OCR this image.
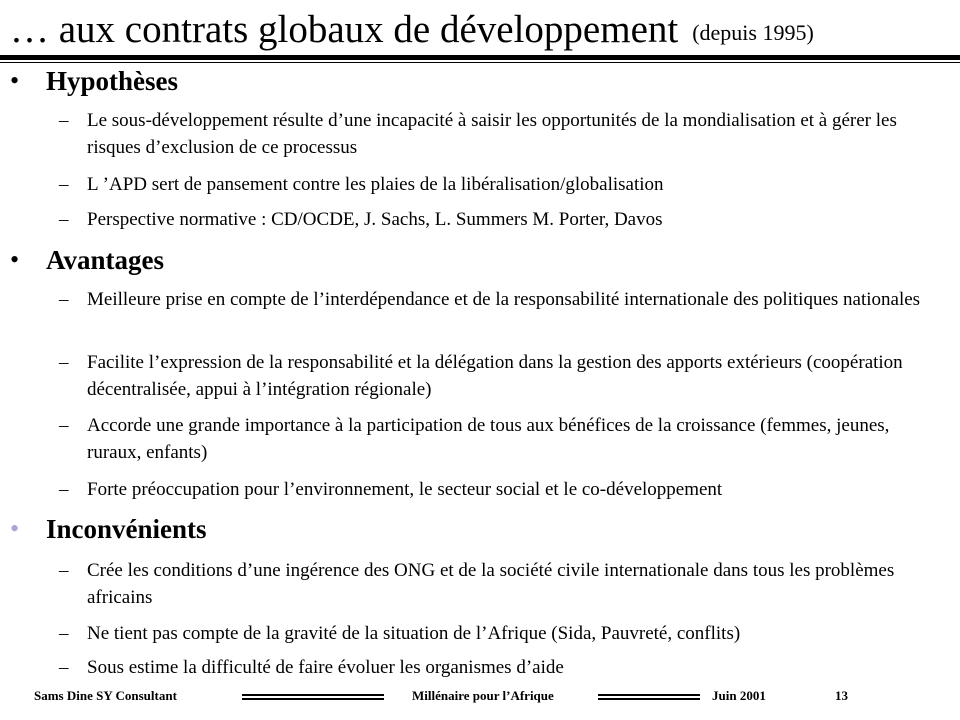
… aux contrats globaux de développement (depuis 1995)
• Hypothèses
– Le sous-développement résulte d’une incapacité à saisir les opportunités de la mondialisation et à gérer les risques d’exclusion de ce processus
– L ’APD sert de pansement contre les plaies de la libéralisation/globalisation
– Perspective normative : CD/OCDE, J. Sachs, L. Summers M. Porter, Davos
• Avantages
– Meilleure prise en compte de l’interdépendance et de la responsabilité internationale des politiques nationales
– Facilite l’expression de la responsabilité et la délégation dans la gestion des apports extérieurs (coopération décentralisée, appui à l’intégration régionale)
– Accorde une grande importance à la participation de tous aux bénéfices de la croissance (femmes, jeunes, ruraux, enfants)
– Forte préoccupation pour l’environnement, le secteur social et le co-développement
• Inconvénients
– Crée les conditions d’une ingérence des ONG et de la société civile internationale dans tous les problèmes africains
– Ne tient pas compte de la gravité de la situation de l’Afrique (Sida, Pauvreté, conflits)
– Sous estime la difficulté de faire évoluer les organismes d’aide
Sams Dine SY Consultant	Millénaire pour l’Afrique	Juin 2001	13
